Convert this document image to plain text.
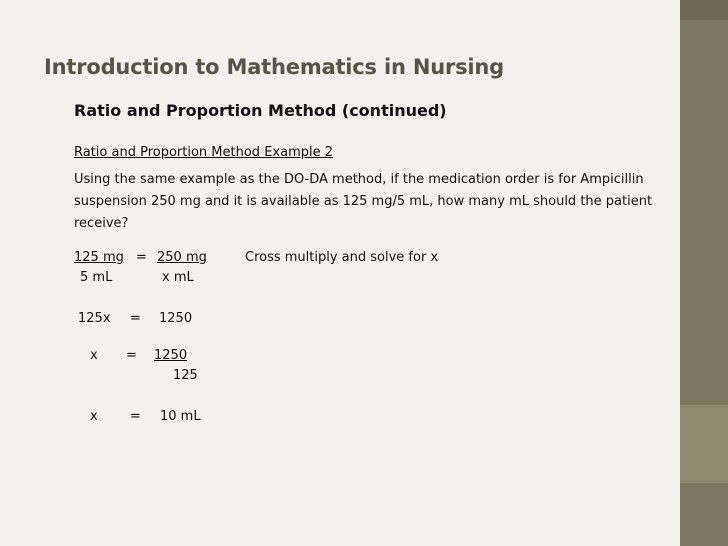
Introduction to Mathematics in Nursing
Ratio and Proportion Method (continued)
Ratio and Proportion Method Example 2
Using the same example as the DO-DA method, if the medication order is for Ampicillin
suspension 250 mg and it is available as 125 mg/5 mL, how many mL should the patient
receive?
125 mg = 250 mg	Cross multiply and solve for x
5 mL	x mL
125x = 1250
x = 1250
125
x = 10 mL
